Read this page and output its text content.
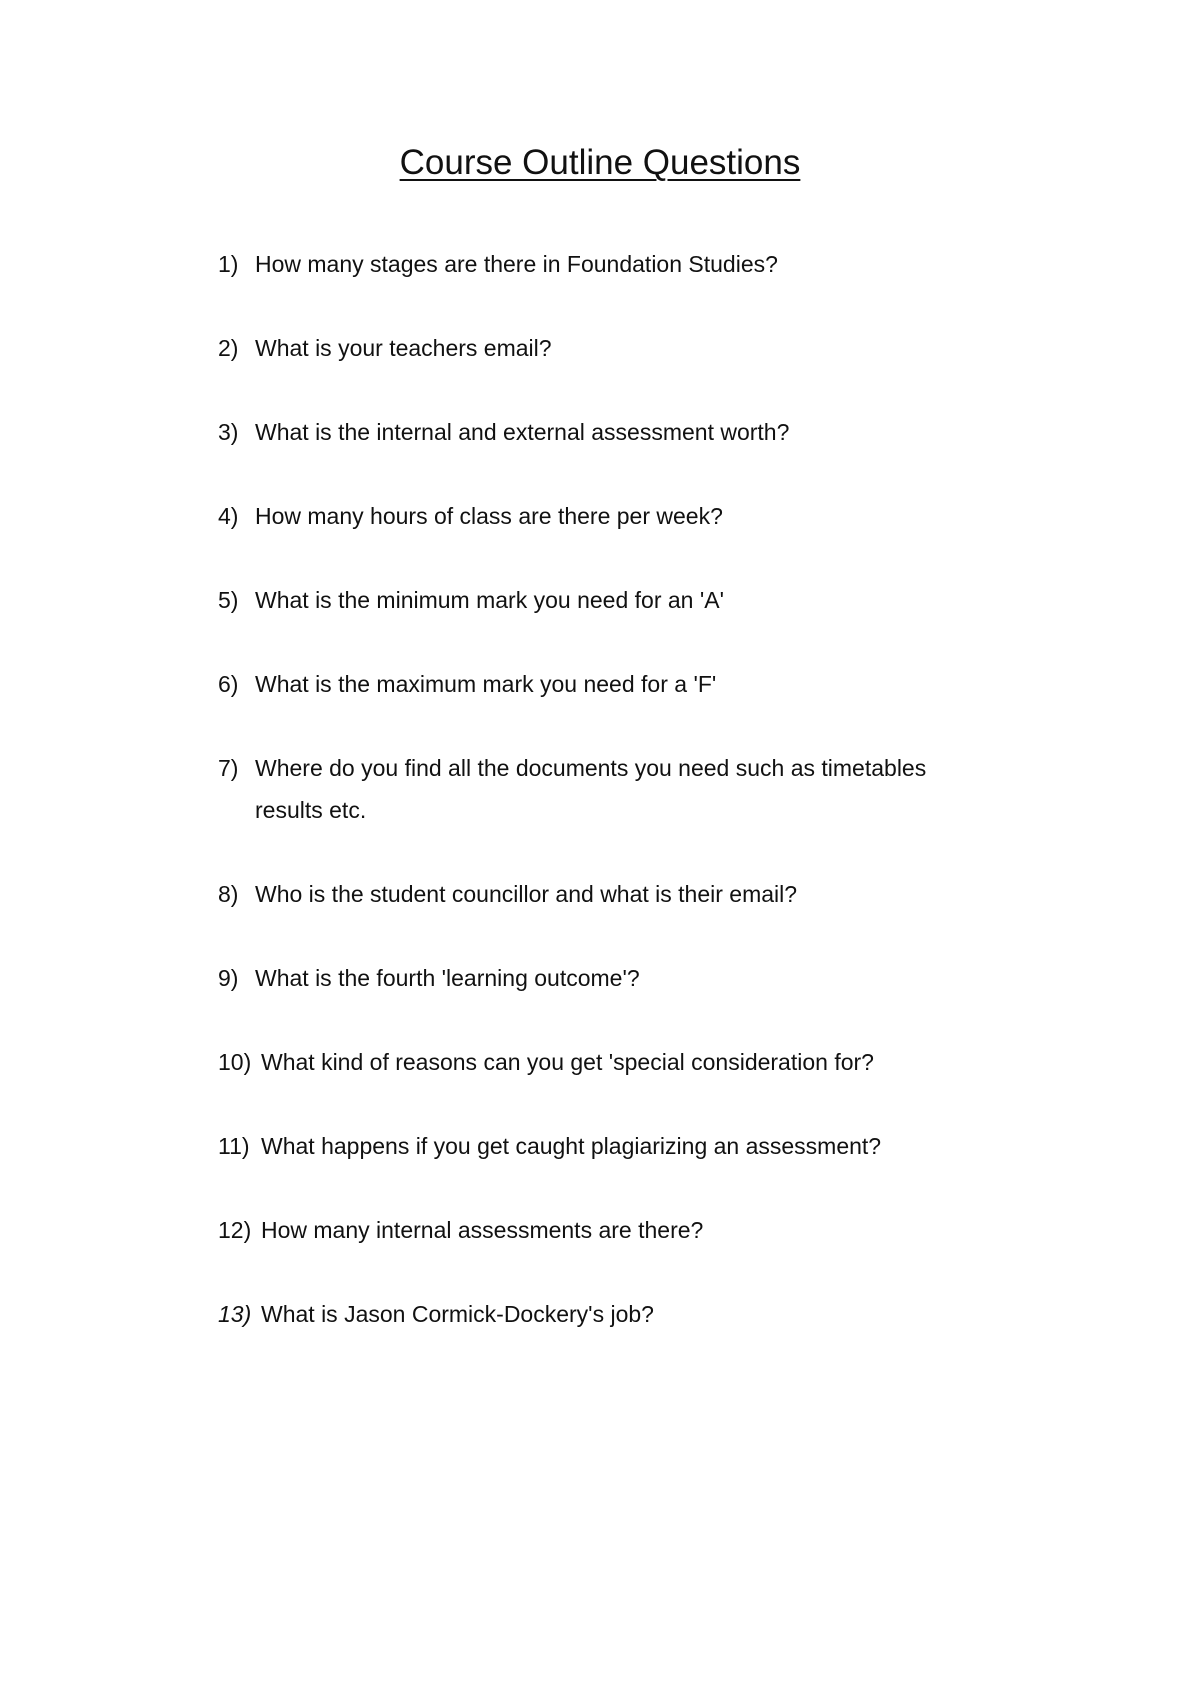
Course Outline Questions
1) How many stages are there in Foundation Studies?
2) What is your teachers email?
3) What is the internal and external assessment worth?
4) How many hours of class are there per week?
5) What is the minimum mark you need for an 'A'
6) What is the maximum mark you need for a 'F'
7) Where do you find all the documents you need such as timetables
results etc.
8) Who is the student councillor and what is their email?
9) What is the fourth 'learning outcome'?
10) What kind of reasons can you get 'special consideration for?
11) What happens if you get caught plagiarizing an assessment?
12) How many internal assessments are there?
13) What is Jason Cormick-Dockery's job?
